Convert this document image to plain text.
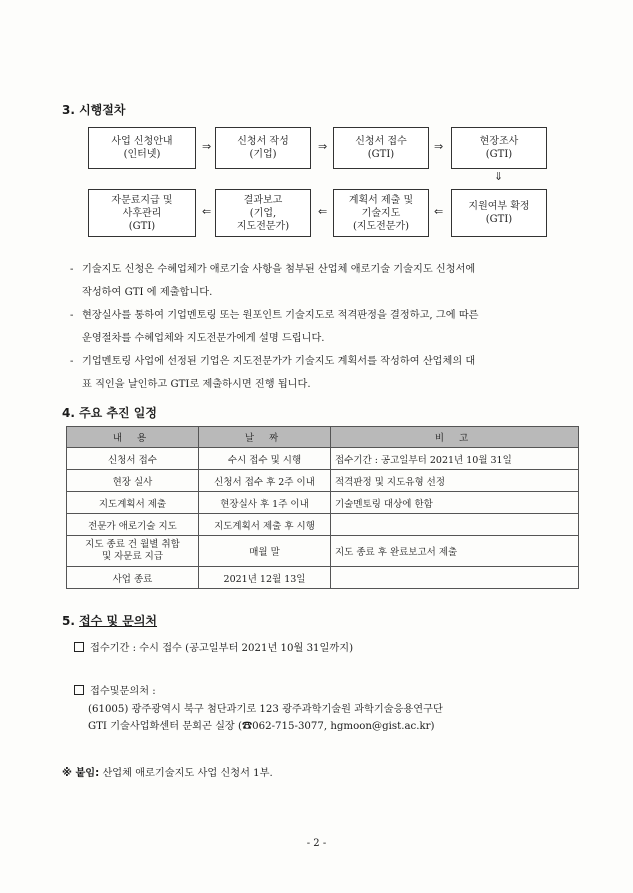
3. 시행절차
사업 신청안내
(인터넷)
⇒	신청서 작성
(기업)
⇒	신청서 접수
(GTI)
⇒	현장조사
(GTI)
⇓
지원여부 확정
(GTI)
⇐
계획서 제출 및
기술지도
(지도전문가)
⇐
결과보고
(기업,
지도전문가)
⇐
자문료지급 및
사후관리
(GTI)
- 기술지도 신청은 수혜업체가 애로기술 사항을 첨부된 산업체 애로기술 기술지도 신청서에
작성하여 GTI 에 제출합니다.
- 현장실사를 통하여 기업멘토링 또는 원포인트 기술지도로 적격판정을 결정하고, 그에 따른
운영절차를 수혜업체와 지도전문가에게 설명 드립니다.
- 기업멘토링 사업에 선정된 기업은 지도전문가가 기술지도 계획서를 작성하여 산업체의 대
표 직인을 날인하고 GTI로 제출하시면 진행 됩니다.
4. 주요 추진 일정
내 용	날 짜	비 고
신청서 접수	수시 접수 및 시행	접수기간 : 공고일부터 2021년 10월 31일
현장 실사	신청서 접수 후 2주 이내	적격판정 및 지도유형 선정
지도계획서 제출	현장실사 후 1주 이내	기술멘토링 대상에 한함
전문가 애로기술 지도	지도계획서 제출 후 시행	
지도 종료 건 월별 취합
및 자문료 지급	매월 말	지도 종료 후 완료보고서 제출
사업 종료	2021년 12월 13일	
5. 접수 및 문의처
접수기간 : 수시 접수 (공고일부터 2021년 10월 31일까지)
접수및문의처 :
(61005) 광주광역시 북구 첨단과기로 123 광주과학기술원 과학기술응용연구단
GTI 기술사업화센터 문회곤 실장 (☎062-715-3077, hgmoon@gist.ac.kr)
※ 붙임: 산업체 애로기술지도 사업 신청서 1부.
- 2 -
